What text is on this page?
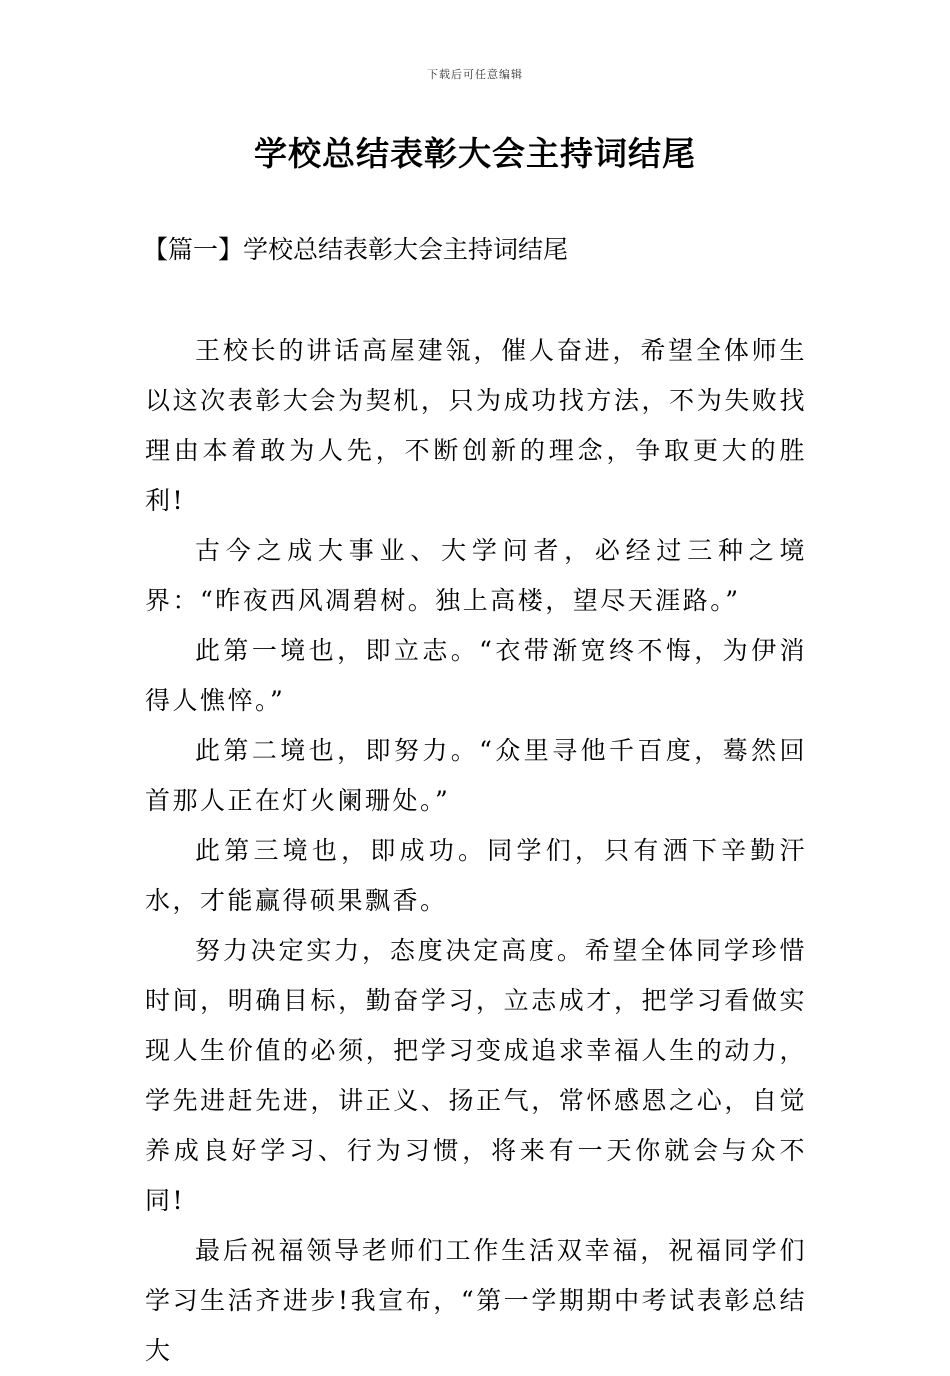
下载后可任意编辑
学校总结表彰大会主持词结尾
【篇一】学校总结表彰大会主持词结尾

王校长的讲话高屋建瓴，催人奋进，希望全体师生以这次表彰大会为契机，只为成功找方法，不为失败找理由本着敢为人先，不断创新的理念，争取更大的胜利!

古今之成大事业、大学问者，必经过三种之境界：“昨夜西风凋碧树。独上高楼，望尽天涯路。”

此第一境也，即立志。“衣带渐宽终不悔，为伊消得人憔悴。”

此第二境也，即努力。“众里寻他千百度，蓦然回首那人正在灯火阑珊处。”

此第三境也，即成功。同学们，只有洒下辛勤汗水，才能赢得硕果飘香。

努力决定实力，态度决定高度。希望全体同学珍惜时间，明确目标，勤奋学习，立志成才，把学习看做实现人生价值的必须，把学习变成追求幸福人生的动力，学先进赶先进，讲正义、扬正气，常怀感恩之心，自觉养成良好学习、行为习惯，将来有一天你就会与众不同!

最后祝福领导老师们工作生活双幸福，祝福同学们学习生活齐进步!我宣布，“第一学期期中考试表彰总结大
